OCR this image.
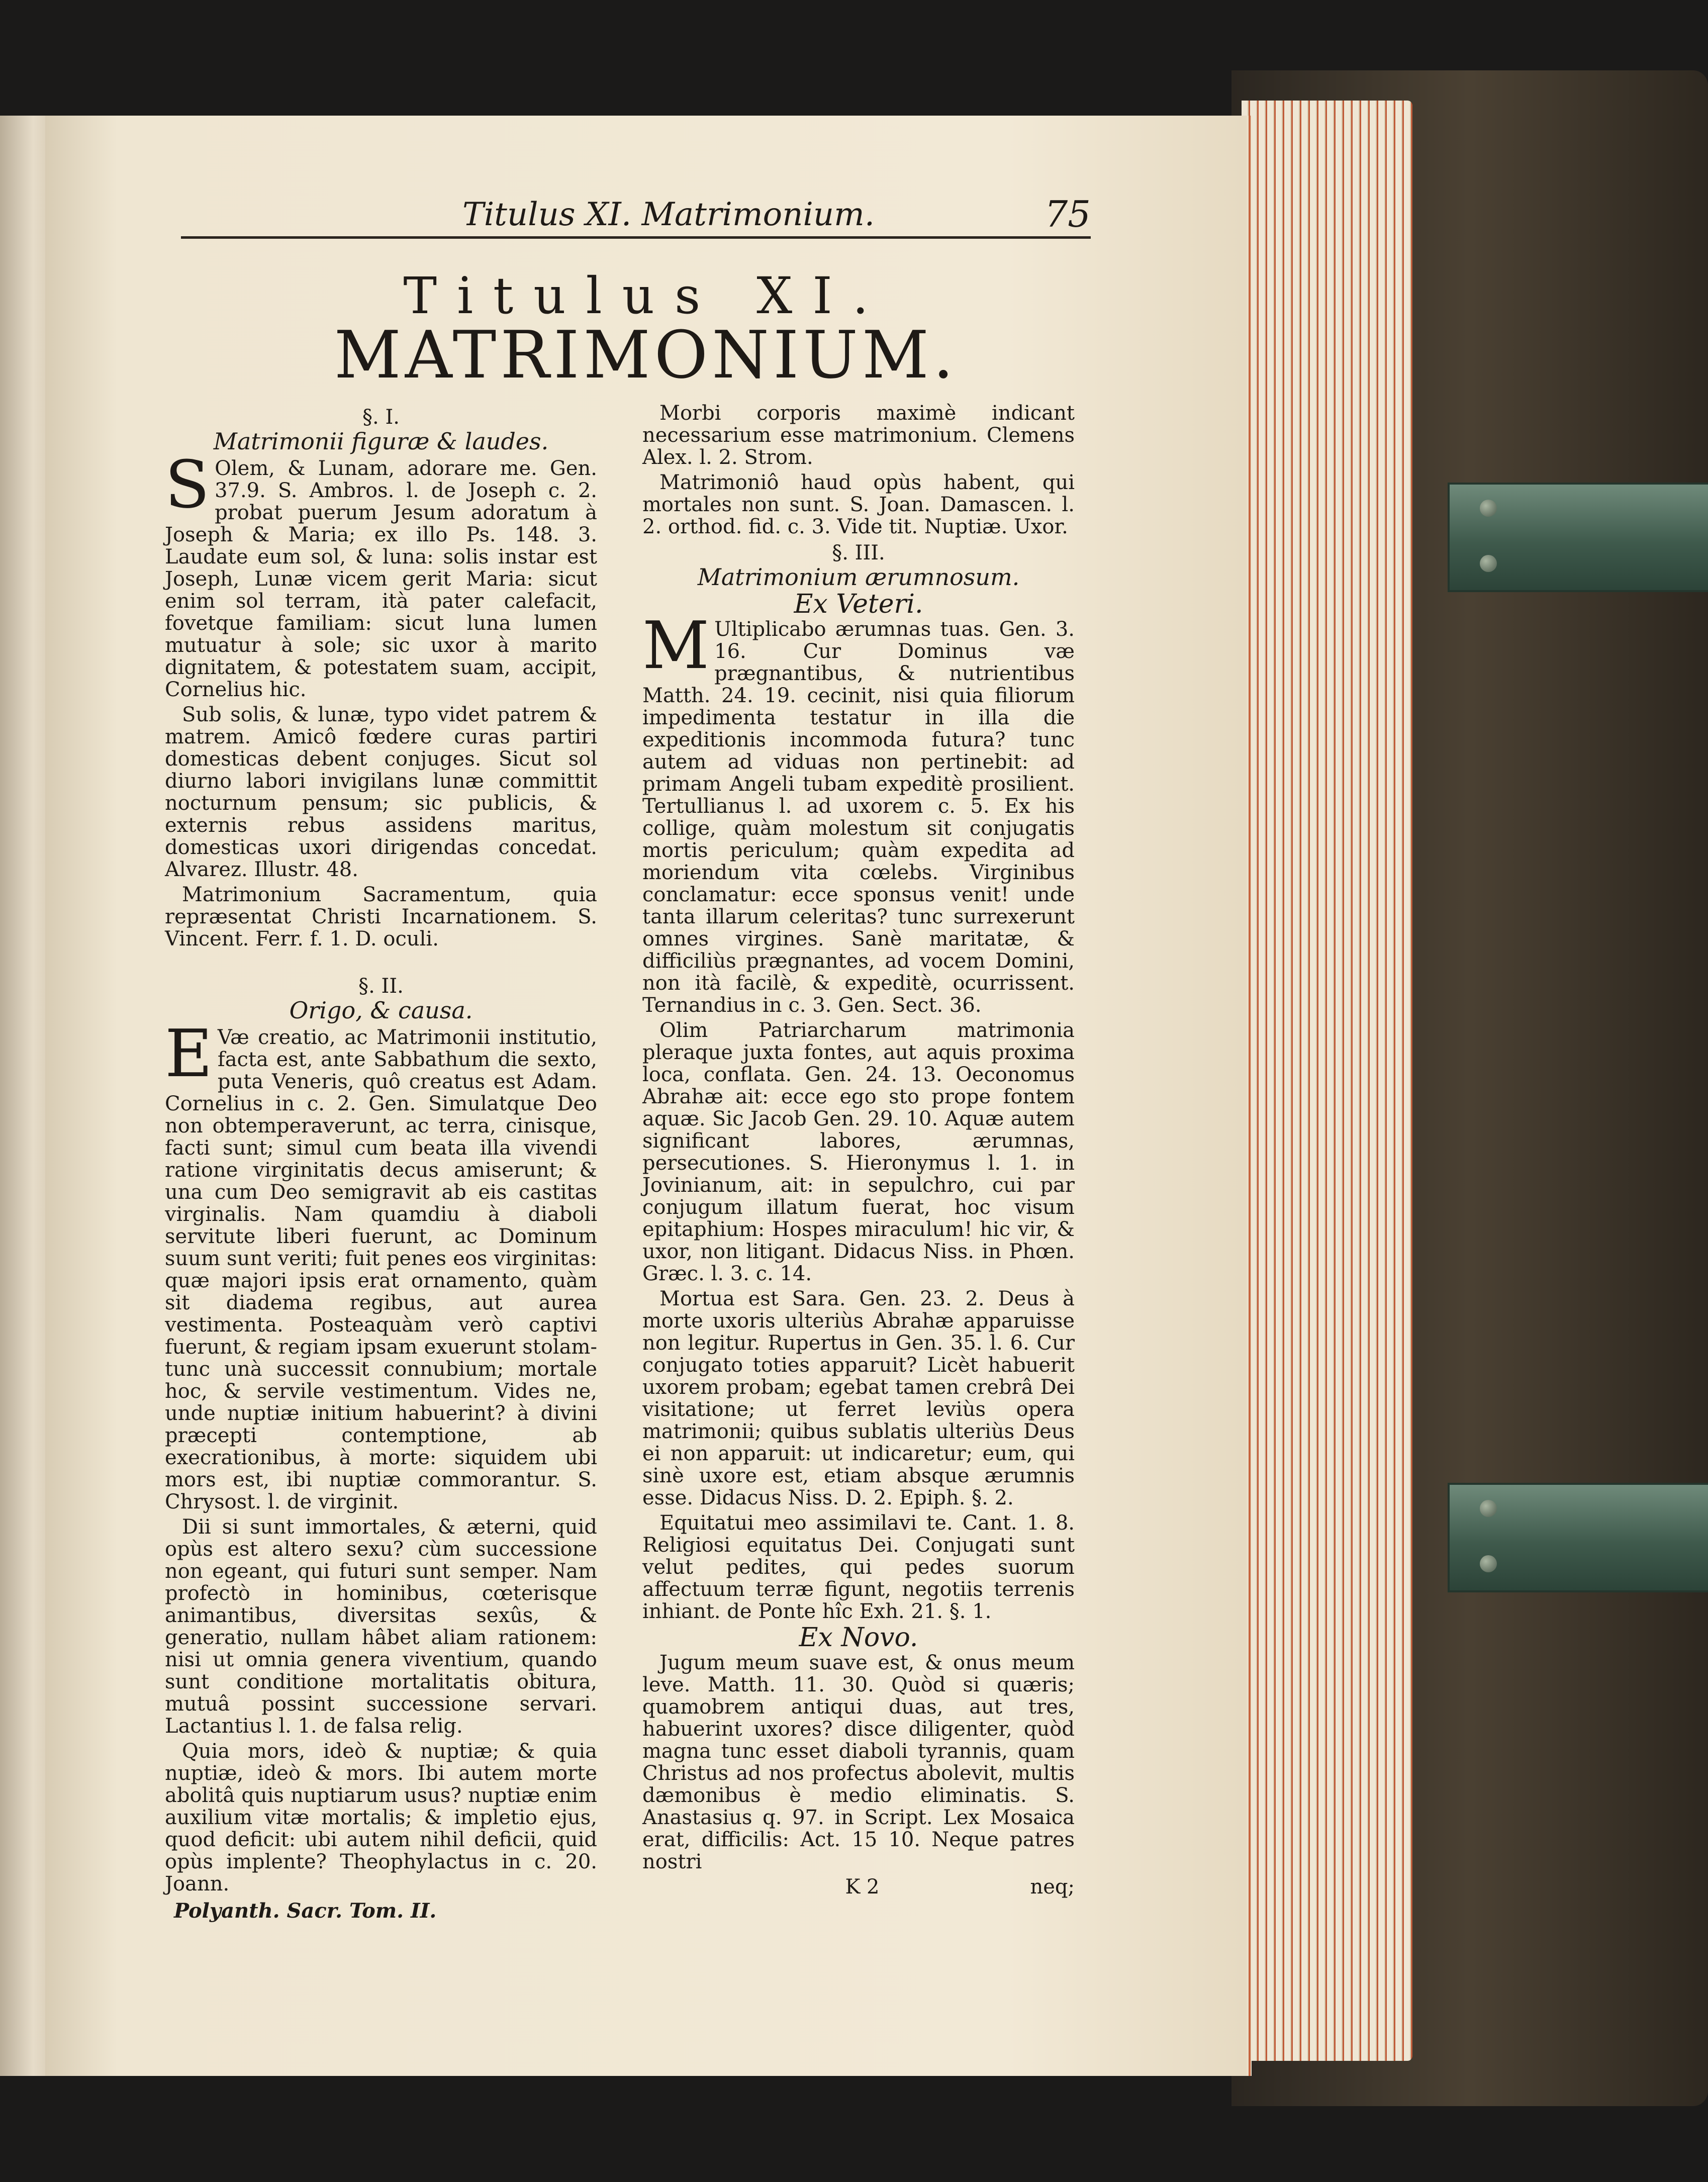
Titulus XI. Matrimonium.	75
Titulus XI.
MATRIMONIUM.
§. I.
Matrimonii figuræ & laudes.

S Olem, & Lunam, adorare me. Gen. 37.9. S. Ambros. l. de Joseph c. 2. probat puerum Jesum adoratum à Joseph & Maria; ex illo Ps. 148. 3. Laudate eum sol, & luna: solis instar est Joseph, Lunæ vicem gerit Maria: sicut enim sol terram, ità pater calefacit, fovetque familiam: sicut luna lumen mutuatur à sole; sic uxor à marito dignitatem, & potestatem suam, accipit, Cornelius hic.

Sub solis, & lunæ, typo videt patrem & matrem. Amicô fœdere curas partiri domesticas debent conjuges. Sicut sol diurno labori invigilans lunæ committit nocturnum pensum; sic publicis, & externis rebus assidens maritus, domesticas uxori dirigendas concedat. Alvarez. Illustr. 48.

Matrimonium Sacramentum, quia repræsentat Christi Incarnationem. S. Vincent. Ferr. f. 1. D. oculi.

§. II.
Origo, & causa.

E Væ creatio, ac Matrimonii institutio, facta est, ante Sabbathum die sexto, puta Veneris, quô creatus est Adam. Cornelius in c. 2. Gen. Simulatque Deo non obtemperaverunt, ac terra, cinisque, facti sunt; simul cum beata illa vivendi ratione virginitatis decus amiserunt; & una cum Deo semigravit ab eis castitas virginalis. Nam quamdiu à diaboli servitute liberi fuerunt, ac Dominum suum sunt veriti; fuit penes eos virginitas: quæ majori ipsis erat ornamento, quàm sit diadema regibus, aut aurea vestimenta. Posteaquàm verò captivi fuerunt, & regiam ipsam exuerunt stolam-tunc unà successit connubium; mortale hoc, & servile vestimentum. Vides ne, unde nuptiæ initium habuerint? à divini præcepti contemptione, ab execrationibus, à morte: siquidem ubi mors est, ibi nuptiæ commorantur. S. Chrysost. l. de virginit.

Dii si sunt immortales, & æterni, quid opùs est altero sexu? cùm successione non egeant, qui futuri sunt semper. Nam profectò in hominibus, cœterisque animantibus, diversitas sexûs, & generatio, nullam hâbet aliam rationem: nisi ut omnia genera viventium, quando sunt conditione mortalitatis obitura, mutuâ possint successione servari. Lactantius l. 1. de falsa relig.

Quia mors, ideò & nuptiæ; & quia nuptiæ, ideò & mors. Ibi autem morte abolitâ quis nuptiarum usus? nuptiæ enim auxilium vitæ mortalis; & impletio ejus, quod deficit: ubi autem nihil deficii, quid opùs implente? Theophylactus in c. 20. Joann.

Polyanth. Sacr. Tom. II.

Morbi corporis maximè indicant necessarium esse matrimonium. Clemens Alex. l. 2. Strom.

Matrimoniô haud opùs habent, qui mortales non sunt. S. Joan. Damascen. l. 2. orthod. fid. c. 3. Vide tit. Nuptiæ. Uxor.

§. III.
Matrimonium ærumnosum.
Ex Veteri.

M Ultiplicabo ærumnas tuas. Gen. 3. 16. Cur Dominus væ prægnantibus, & nutrientibus Matth. 24. 19. cecinit, nisi quia filiorum impedimenta testatur in illa die expeditionis incommoda futura? tunc autem ad viduas non pertinebit: ad primam Angeli tubam expeditè prosilient. Tertullianus l. ad uxorem c. 5. Ex his collige, quàm molestum sit conjugatis mortis periculum; quàm expedita ad moriendum vita cœlebs. Virginibus conclamatur: ecce sponsus venit! unde tanta illarum celeritas? tunc surrexerunt omnes virgines. Sanè maritatæ, & difficiliùs prægnantes, ad vocem Domini, non ità facilè, & expeditè, ocurrissent. Ternandius in c. 3. Gen. Sect. 36.

Olim Patriarcharum matrimonia pleraque juxta fontes, aut aquis proxima loca, conflata. Gen. 24. 13. Oeconomus Abrahæ ait: ecce ego sto prope fontem aquæ. Sic Jacob Gen. 29. 10. Aquæ autem significant labores, ærumnas, persecutiones. S. Hieronymus l. 1. in Jovinianum, ait: in sepulchro, cui par conjugum illatum fuerat, hoc visum epitaphium: Hospes miraculum! hic vir, & uxor, non litigant. Didacus Niss. in Phœn. Græc. l. 3. c. 14.

Mortua est Sara. Gen. 23. 2. Deus à morte uxoris ulteriùs Abrahæ apparuisse non legitur. Rupertus in Gen. 35. l. 6. Cur conjugato toties apparuit? Licèt habuerit uxorem probam; egebat tamen crebrâ Dei visitatione; ut ferret leviùs opera matrimonii; quibus sublatis ulteriùs Deus ei non apparuit: ut indicaretur; eum, qui sinè uxore est, etiam absque ærumnis esse. Didacus Niss. D. 2. Epiph. §. 2.

Equitatui meo assimilavi te. Cant. 1. 8. Religiosi equitatus Dei. Conjugati sunt velut pedites, qui pedes suorum affectuum terræ figunt, negotiis terrenis inhiant. de Ponte hîc Exh. 21. §. 1.

Ex Novo.

Jugum meum suave est, & onus meum leve. Matth. 11. 30. Quòd si quæris; quamobrem antiqui duas, aut tres, habuerint uxores? disce diligenter, quòd magna tunc esset diaboli tyrannis, quam Christus ad nos profectus abolevit, multis dæmonibus è medio eliminatis. S. Anastasius q. 97. in Script. Lex Mosaica erat, difficilis: Act. 15 10. Neque patres nostri

K 2	neq;
